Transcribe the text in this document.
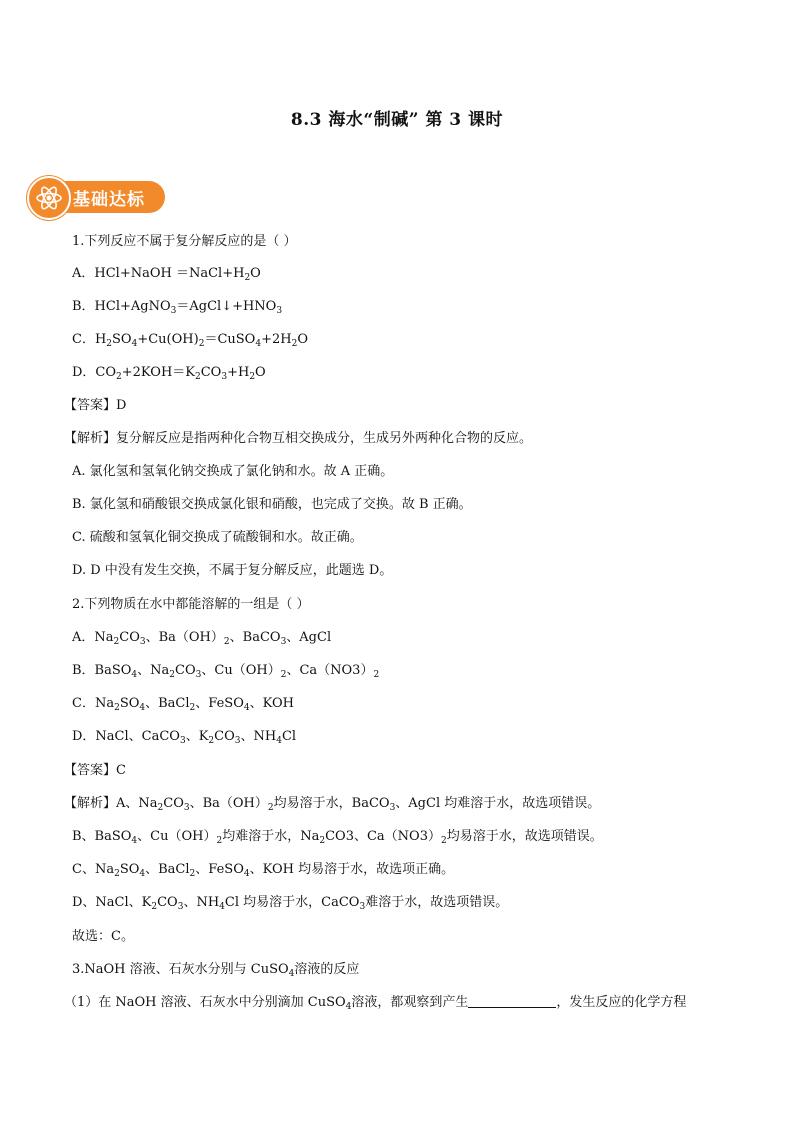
8.3 海水“制碱” 第 3 课时
基础达标
1.下列反应不属于复分解反应的是（ ）
A．HCl+NaOH $=NaCl+H_2O$
B．$HCl+AgNO_3=AgCl↓+HNO_3$
C．$H_2SO_4+Cu(OH)_2=CuSO_4+2H_2O$
D．$CO_2+2KOH=K_2CO_3+H_2O$
【答案】D
【解析】复分解反应是指两种化合物互相交换成分，生成另外两种化合物的反应。
A. 氯化氢和氢氧化钠交换成了氯化钠和水。故 A 正确。
B. 氯化氢和硝酸银交换成氯化银和硝酸，也完成了交换。故 B 正确。
C. 硫酸和氢氧化铜交换成了硫酸铜和水。故正确。
D. D 中没有发生交换，不属于复分解反应，此题选 D。
2.下列物质在水中都能溶解的一组是（ ）
A．$Na_2CO_3$、$Ba(OH)_2$、BaCO$_3$、AgCl
B．BaSO$_4$、$Na_2CO_3$、$Cu(OH)_2$、$Ca(NO3)_2$
C．$Na_2SO_4$、BaCl$_2$、FeSO$_4$、KOH
D．NaCl、CaCO$_3$、$K_2CO_3$、$NH_4Cl$
【答案】C
【解析】A、$Na_2CO_3$、$Ba(OH)_2$均易溶于水，BaCO$_3$、AgCl 均难溶于水，故选项错误。
B、BaSO$_4$、$Cu(OH)_2$均难溶于水，$Na_2CO3$、$Ca(NO3)_2$均易溶于水，故选项错误。
C、$Na_2SO_4$、BaCl$_2$、FeSO$_4$、KOH 均易溶于水，故选项正确。
D、NaCl、$K_2CO_3$、$NH_4Cl$ 均易溶于水，CaCO$_3$难溶于水，故选项错误。
故选：C。
3.NaOH 溶液、石灰水分别与 CuSO$_4$溶液的反应
（1）在 NaOH 溶液、石灰水中分别滴加 CuSO$_4$溶液，都观察到产生	，发生反应的化学方程
